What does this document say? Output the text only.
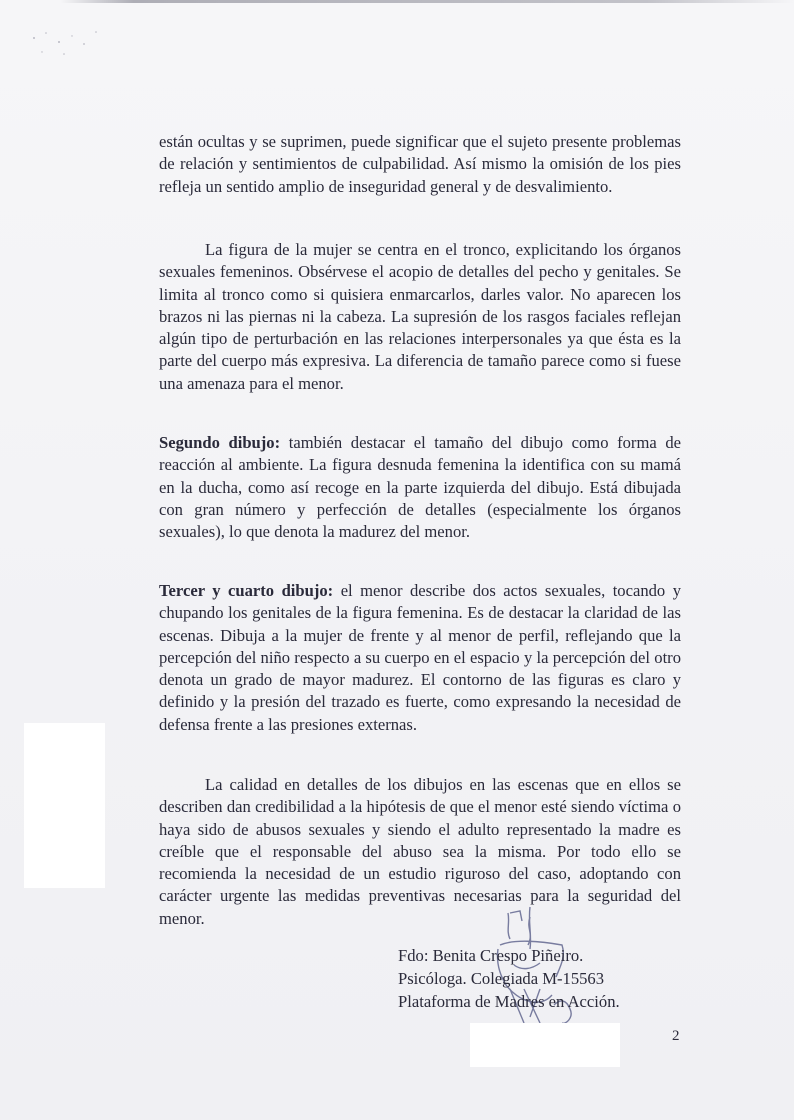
están ocultas y se suprimen, puede significar que el sujeto presente problemas de relación y sentimientos de culpabilidad. Así mismo la omisión de los pies refleja un sentido amplio de inseguridad general y de desvalimiento.

La figura de la mujer se centra en el tronco, explicitando los órganos sexuales femeninos. Obsérvese el acopio de detalles del pecho y genitales. Se limita al tronco como si quisiera enmarcarlos, darles valor. No aparecen los brazos ni las piernas ni la cabeza. La supresión de los rasgos faciales reflejan algún tipo de perturbación en las relaciones interpersonales ya que ésta es la parte del cuerpo más expresiva. La diferencia de tamaño parece como si fuese una amenaza para el menor.

Segundo dibujo: también destacar el tamaño del dibujo como forma de reacción al ambiente. La figura desnuda femenina la identifica con su mamá en la ducha, como así recoge en la parte izquierda del dibujo. Está dibujada con gran número y perfección de detalles (especialmente los órganos sexuales), lo que denota la madurez del menor.

Tercer y cuarto dibujo: el menor describe dos actos sexuales, tocando y chupando los genitales de la figura femenina. Es de destacar la claridad de las escenas. Dibuja a la mujer de frente y al menor de perfil, reflejando que la percepción del niño respecto a su cuerpo en el espacio y la percepción del otro denota un grado de mayor madurez. El contorno de las figuras es claro y definido y la presión del trazado es fuerte, como expresando la necesidad de defensa frente a las presiones externas.

La calidad en detalles de los dibujos en las escenas que en ellos se describen dan credibilidad a la hipótesis de que el menor esté siendo víctima o haya sido de abusos sexuales y siendo el adulto representado la madre es creíble que el responsable del abuso sea la misma. Por todo ello se recomienda la necesidad de un estudio riguroso del caso, adoptando con carácter urgente las medidas preventivas necesarias para la seguridad del menor.

Fdo: Benita Crespo Piñeiro.
Psicóloga. Colegiada M-15563
Plataforma de Madres en Acción.
2
